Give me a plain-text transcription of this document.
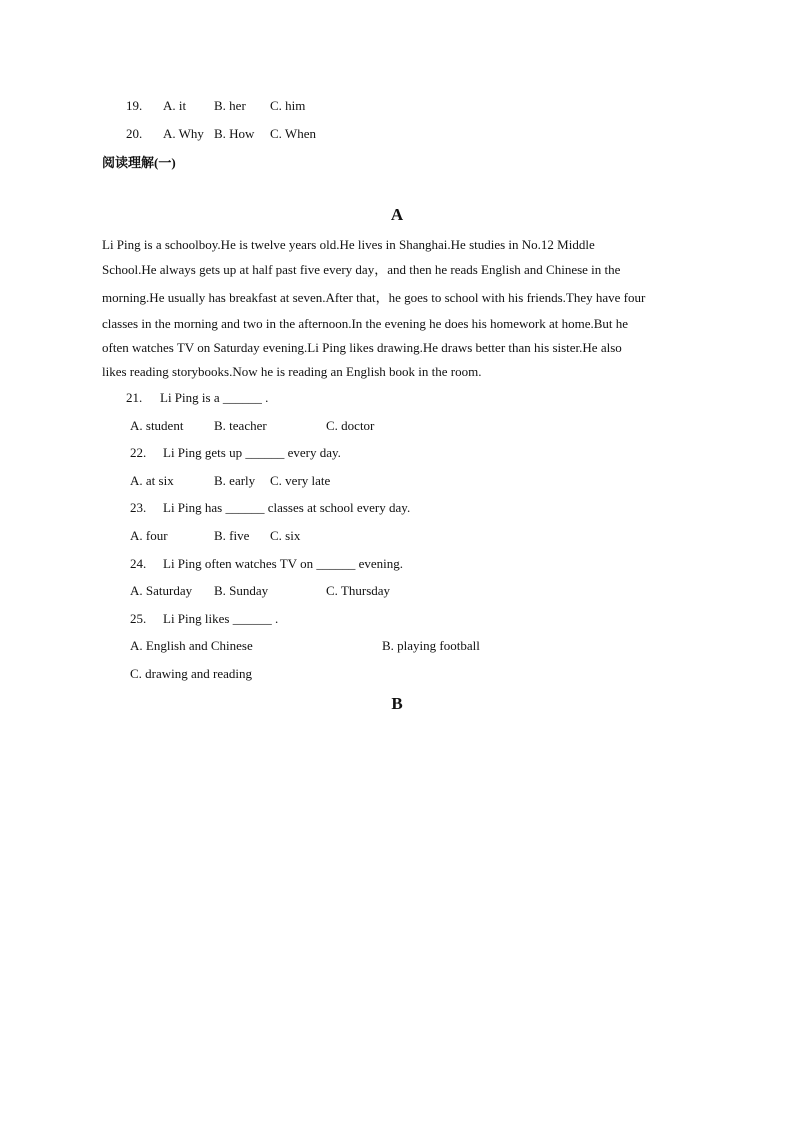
19. A. it B. her C. him
20. A. Why B. How C. When
阅读理解(一)
A
Li Ping is a schoolboy.He is twelve years old.He lives in Shanghai.He studies in No.12 Middle
School.He always gets up at half past five every day，and then he reads English and Chinese in the
morning.He usually has breakfast at seven.After that，he goes to school with his friends.They have four
classes in the morning and two in the afternoon.In the evening he does his homework at home.But he
often watches TV on Saturday evening.Li Ping likes drawing.He draws better than his sister.He also
likes reading storybooks.Now he is reading an English book in the room.
21. Li Ping is a ______ .
A. student B. teacher	C. doctor
22. Li Ping gets up ______ every day.
A. at six	B. early C. very late
23. Li Ping has ______ classes at school every day.
A. four	B. five C. six
24. Li Ping often watches TV on ______ evening.
A. Saturday B. Sunday	C. Thursday
25. Li Ping likes ______ .
A. English and Chinese	B. playing football
C. drawing and reading
B
